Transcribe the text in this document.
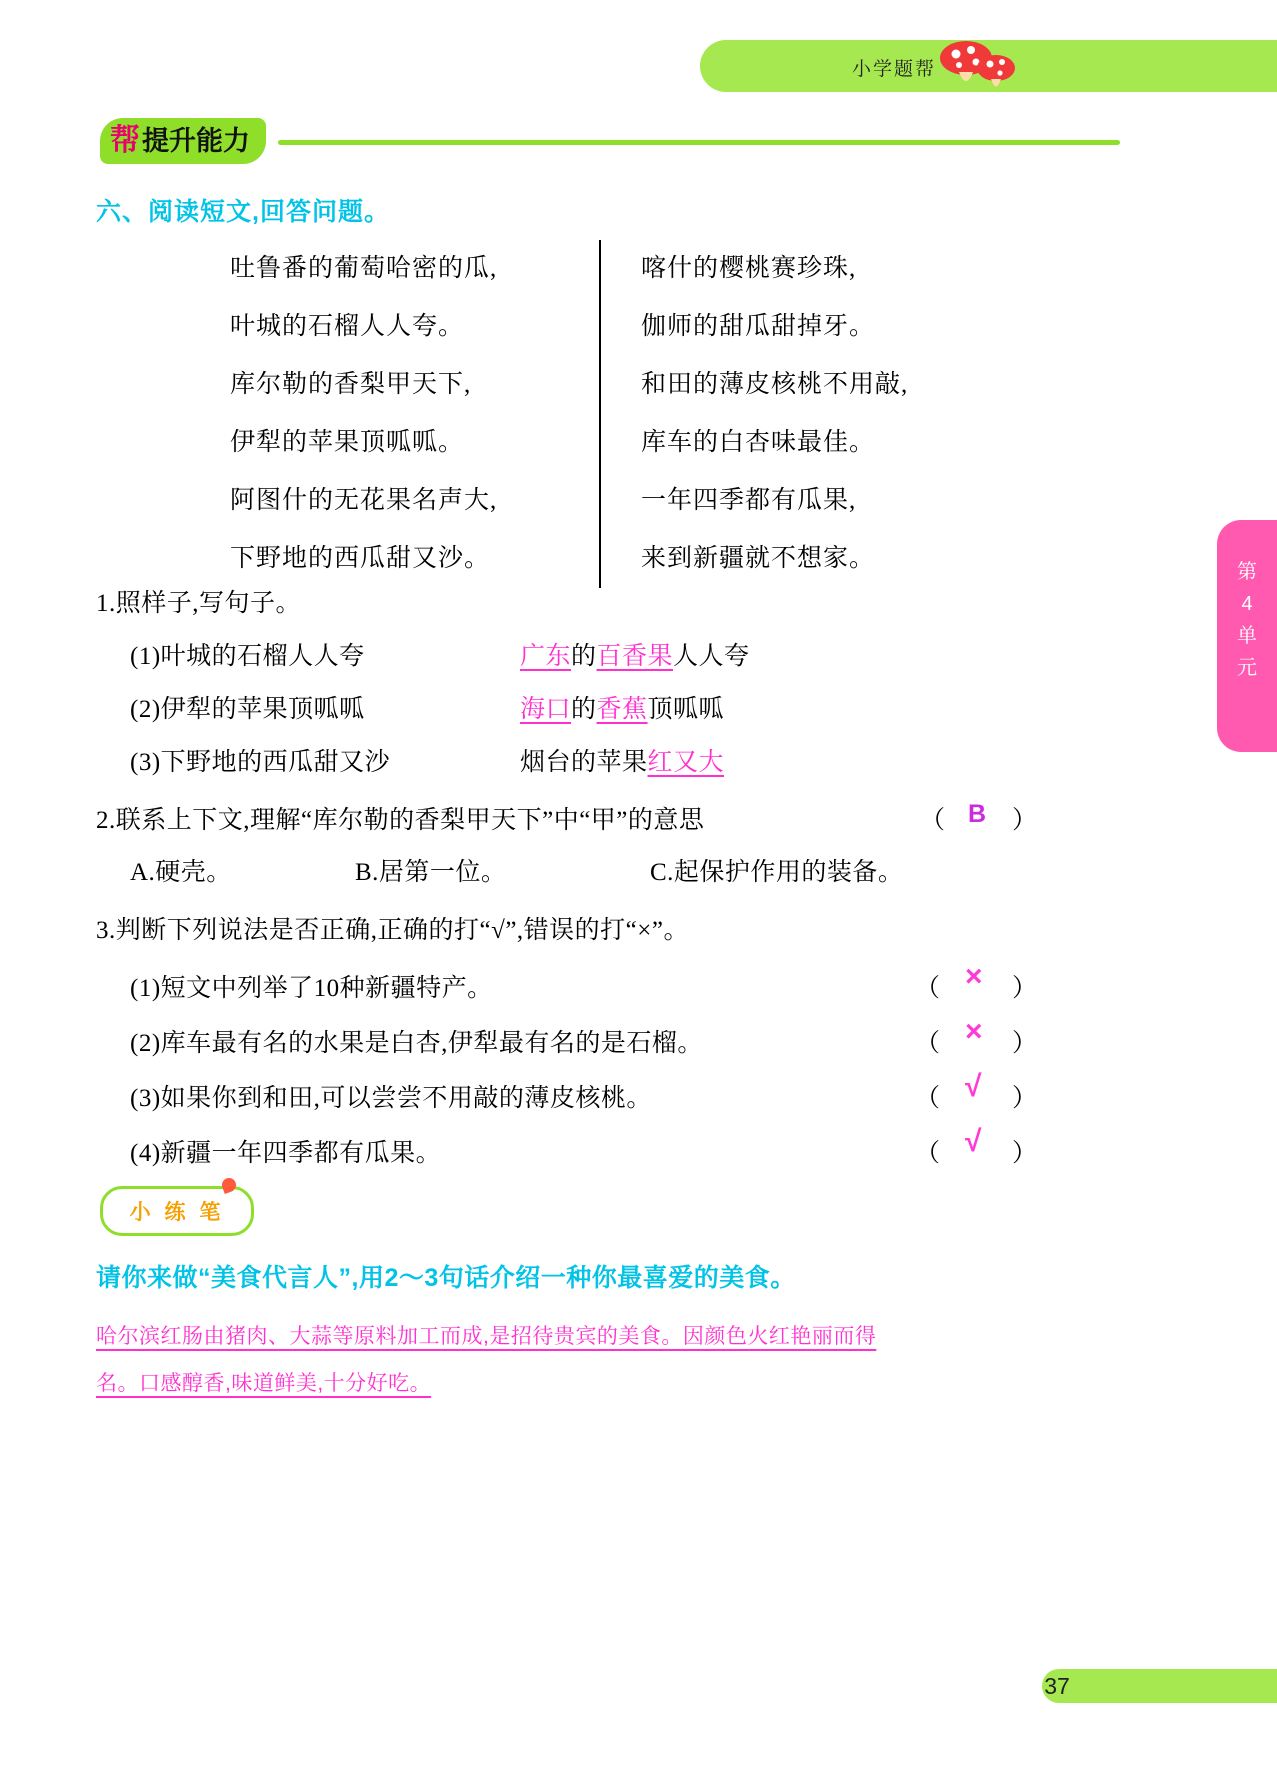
小学题帮
帮 提升能力
六、阅读短文,回答问题。
吐鲁番的葡萄哈密的瓜,
叶城的石榴人人夸。
库尔勒的香梨甲天下,
伊犁的苹果顶呱呱。
阿图什的无花果名声大,
下野地的西瓜甜又沙。
喀什的樱桃赛珍珠,
伽师的甜瓜甜掉牙。
和田的薄皮核桃不用敲,
库车的白杏味最佳。
一年四季都有瓜果,
来到新疆就不想家。
1.照样子,写句子。
(1)叶城的石榴人人夸	广东的百香果人人夸
(2)伊犁的苹果顶呱呱	海口的香蕉顶呱呱
(3)下野地的西瓜甜又沙	烟台的苹果红又大
2.联系上下文,理解“库尔勒的香梨甲天下”中“甲”的意思	（ B ）
A.硬壳。	B.居第一位。	C.起保护作用的装备。
3.判断下列说法是否正确,正确的打“√”,错误的打“×”。
(1)短文中列举了10种新疆特产。	（ × ）
(2)库车最有名的水果是白杏,伊犁最有名的是石榴。	（ × ）
(3)如果你到和田,可以尝尝不用敲的薄皮核桃。	（ √ ）
(4)新疆一年四季都有瓜果。	（ √ ）
小 练 笔
请你来做“美食代言人”,用2～3句话介绍一种你最喜爱的美食。
哈尔滨红肠由猪肉、大蒜等原料加工而成,是招待贵宾的美食。因颜色火红艳丽而得
名。口感醇香,味道鲜美,十分好吃。
第
4
单
元
37
